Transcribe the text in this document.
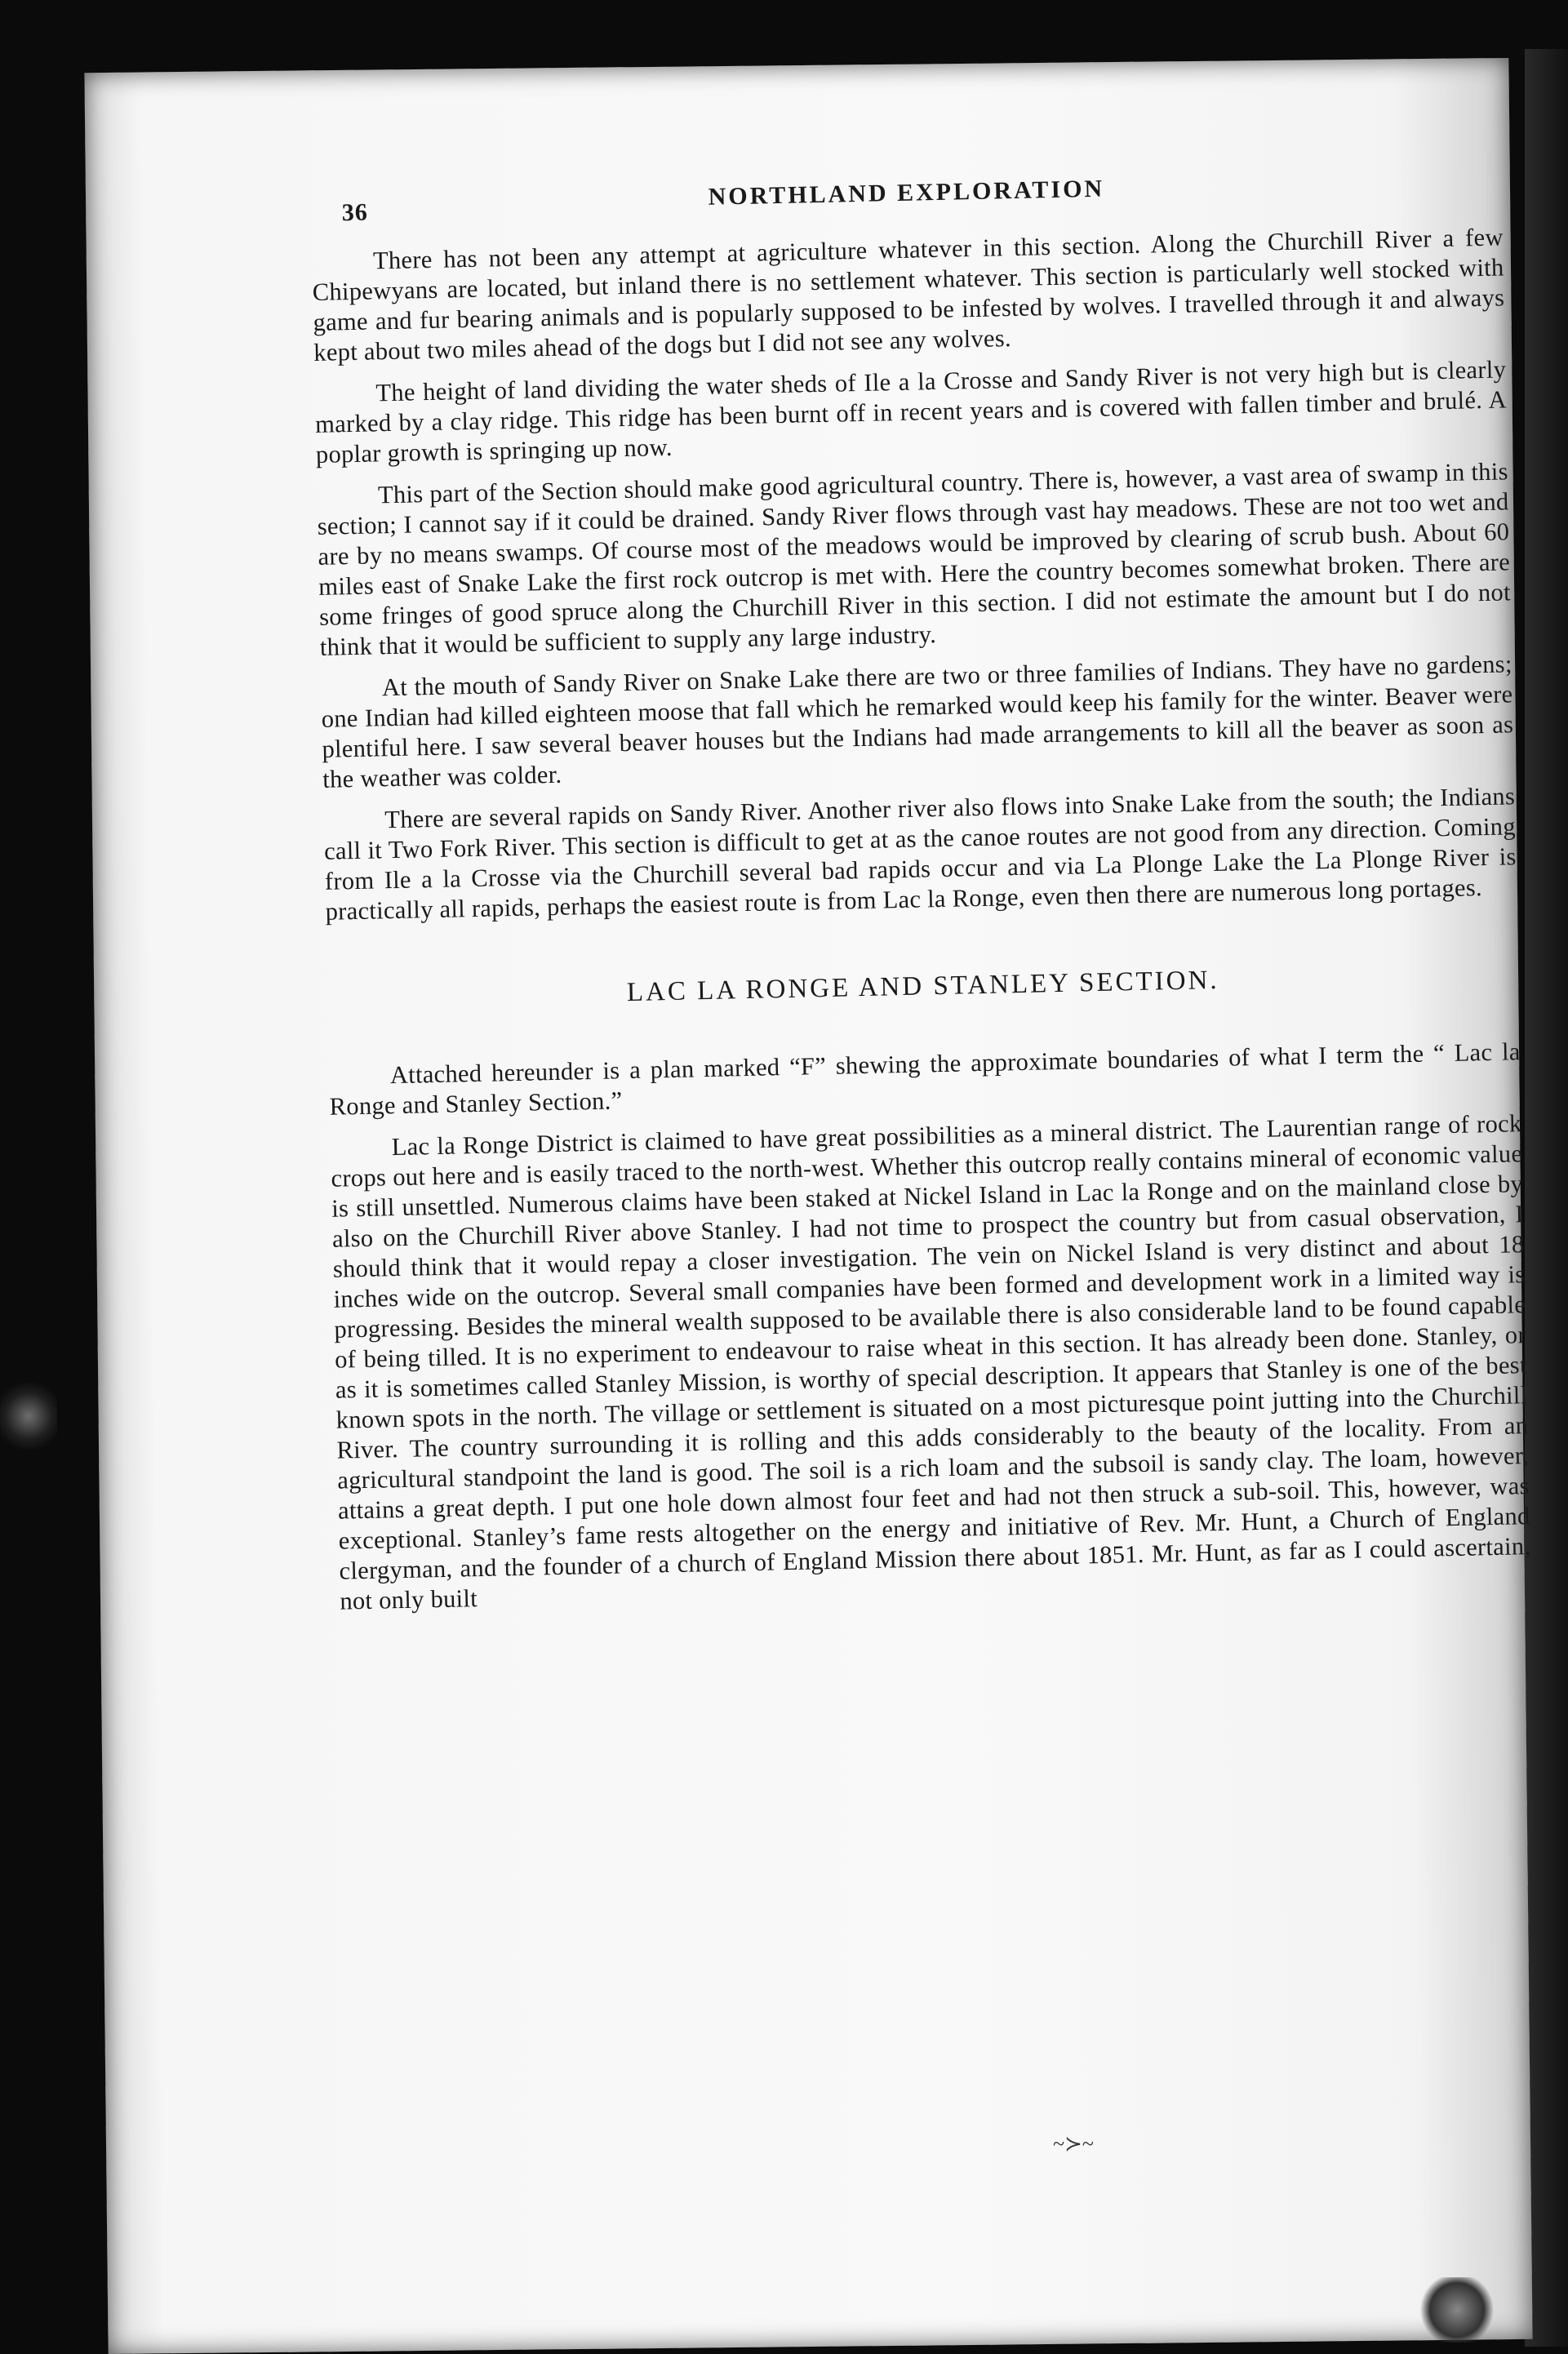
36
NORTHLAND EXPLORATION

There has not been any attempt at agriculture whatever in this section. Along the Churchill River a few Chipewyans are located, but inland there is no settlement whatever. This section is particularly well stocked with game and fur bearing animals and is popularly supposed to be infested by wolves. I travelled through it and always kept about two miles ahead of the dogs but I did not see any wolves.

The height of land dividing the water sheds of Ile a la Crosse and Sandy River is not very high but is clearly marked by a clay ridge. This ridge has been burnt off in recent years and is covered with fallen timber and brulé. A poplar growth is springing up now.

This part of the Section should make good agricultural country. There is, however, a vast area of swamp in this section; I cannot say if it could be drained. Sandy River flows through vast hay meadows. These are not too wet and are by no means swamps. Of course most of the meadows would be improved by clearing of scrub bush. About 60 miles east of Snake Lake the first rock outcrop is met with. Here the country becomes somewhat broken. There are some fringes of good spruce along the Churchill River in this section. I did not estimate the amount but I do not think that it would be sufficient to supply any large industry.

At the mouth of Sandy River on Snake Lake there are two or three families of Indians. They have no gardens; one Indian had killed eighteen moose that fall which he remarked would keep his family for the winter. Beaver were plentiful here. I saw several beaver houses but the Indians had made arrangements to kill all the beaver as soon as the weather was colder.

There are several rapids on Sandy River. Another river also flows into Snake Lake from the south; the Indians call it Two Fork River. This section is difficult to get at as the canoe routes are not good from any direction. Coming from Ile a la Crosse via the Churchill several bad rapids occur and via La Plonge Lake the La Plonge River is practically all rapids, perhaps the easiest route is from Lac la Ronge, even then there are numerous long portages.

LAC LA RONGE AND STANLEY SECTION.

Attached hereunder is a plan marked “F” shewing the approximate boundaries of what I term the “ Lac la Ronge and Stanley Section.”

Lac la Ronge District is claimed to have great possibilities as a mineral district. The Laurentian range of rock crops out here and is easily traced to the north-west. Whether this outcrop really contains mineral of economic value is still unsettled. Numerous claims have been staked at Nickel Island in Lac la Ronge and on the mainland close by also on the Churchill River above Stanley. I had not time to prospect the country but from casual observation, I should think that it would repay a closer investigation. The vein on Nickel Island is very distinct and about 18 inches wide on the outcrop. Several small companies have been formed and development work in a limited way is progressing. Besides the mineral wealth supposed to be available there is also considerable land to be found capable of being tilled. It is no experiment to endeavour to raise wheat in this section. It has already been done. Stanley, or as it is sometimes called Stanley Mission, is worthy of special description. It appears that Stanley is one of the best known spots in the north. The village or settlement is situated on a most picturesque point jutting into the Churchill River. The country surrounding it is rolling and this adds considerably to the beauty of the locality. From an agricultural standpoint the land is good. The soil is a rich loam and the subsoil is sandy clay. The loam, however, attains a great depth. I put one hole down almost four feet and had not then struck a sub-soil. This, however, was exceptional. Stanley’s fame rests altogether on the energy and initiative of Rev. Mr. Hunt, a Church of England clergyman, and the founder of a church of England Mission there about 1851. Mr. Hunt, as far as I could ascertain, not only built

~≻~
